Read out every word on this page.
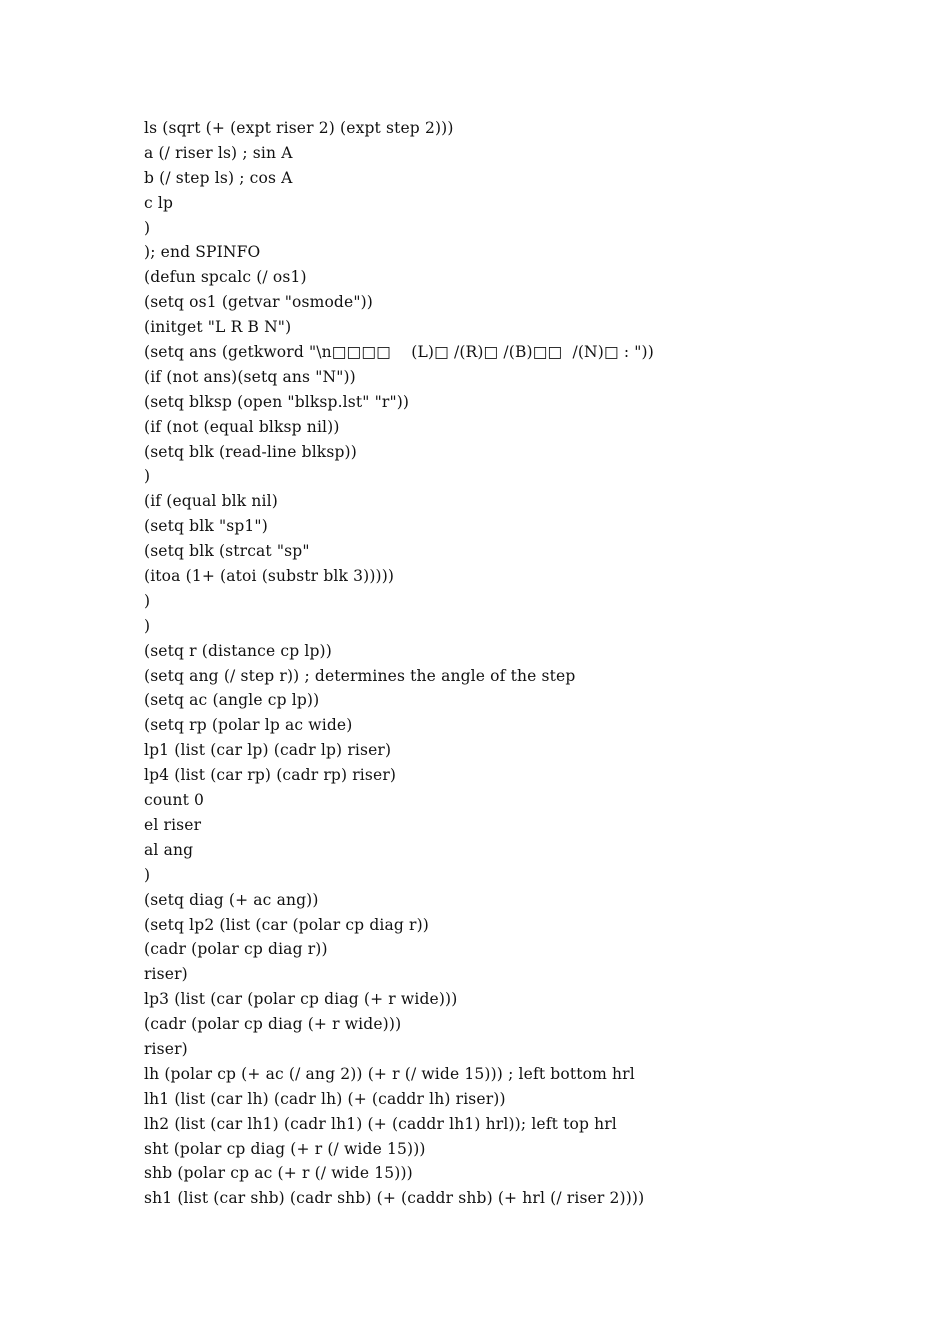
ls (sqrt (+ (expt riser 2) (expt step 2)))
a (/ riser ls) ; sin A
b (/ step ls) ; cos A
c lp
)
); end SPINFO
(defun spcalc (/ os1)
(setq os1 (getvar "osmode"))
(initget "L R B N")
(setq ans (getkword "\n□□□□    (L)□ /(R)□ /(B)□□  /(N)□ : "))
(if (not ans)(setq ans "N"))
(setq blksp (open "blksp.lst" "r"))
(if (not (equal blksp nil))
(setq blk (read-line blksp))
)
(if (equal blk nil)
(setq blk "sp1")
(setq blk (strcat "sp"
(itoa (1+ (atoi (substr blk 3)))))
)
)
(setq r (distance cp lp))
(setq ang (/ step r)) ; determines the angle of the step
(setq ac (angle cp lp))
(setq rp (polar lp ac wide)
lp1 (list (car lp) (cadr lp) riser)
lp4 (list (car rp) (cadr rp) riser)
count 0
el riser
al ang
)
(setq diag (+ ac ang))
(setq lp2 (list (car (polar cp diag r))
(cadr (polar cp diag r))
riser)
lp3 (list (car (polar cp diag (+ r wide)))
(cadr (polar cp diag (+ r wide)))
riser)
lh (polar cp (+ ac (/ ang 2)) (+ r (/ wide 15))) ; left bottom hrl
lh1 (list (car lh) (cadr lh) (+ (caddr lh) riser))
lh2 (list (car lh1) (cadr lh1) (+ (caddr lh1) hrl)); left top hrl
sht (polar cp diag (+ r (/ wide 15)))
shb (polar cp ac (+ r (/ wide 15)))
sh1 (list (car shb) (cadr shb) (+ (caddr shb) (+ hrl (/ riser 2))))
